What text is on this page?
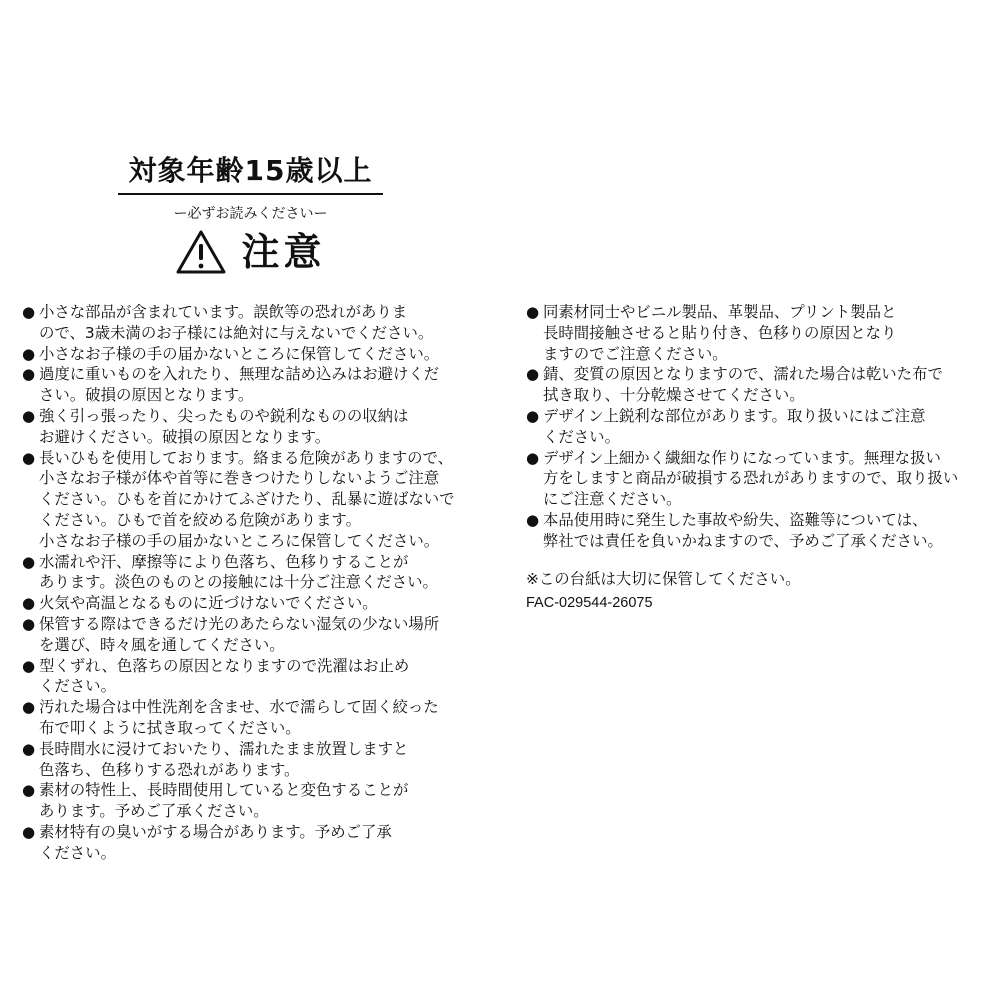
対象年齢15歳以上
ー必ずお読みくださいー
注意
● 小さな部品が含まれています。誤飲等の恐れがありま
ので、3歳未満のお子様には絶対に与えないでください。
● 小さなお子様の手の届かないところに保管してください。
● 過度に重いものを入れたり、無理な詰め込みはお避けくだ
さい。破損の原因となります。
● 強く引っ張ったり、尖ったものや鋭利なものの収納は
お避けください。破損の原因となります。
● 長いひもを使用しております。絡まる危険がありますので、
小さなお子様が体や首等に巻きつけたりしないようご注意
ください。ひもを首にかけてふざけたり、乱暴に遊ばないで
ください。ひもで首を絞める危険があります。
小さなお子様の手の届かないところに保管してください。
● 水濡れや汗、摩擦等により色落ち、色移りすることが
あります。淡色のものとの接触には十分ご注意ください。
● 火気や高温となるものに近づけないでください。
● 保管する際はできるだけ光のあたらない湿気の少ない場所
を選び、時々風を通してください。
● 型くずれ、色落ちの原因となりますので洗濯はお止め
ください。
● 汚れた場合は中性洗剤を含ませ、水で濡らして固く絞った
布で叩くように拭き取ってください。
● 長時間水に浸けておいたり、濡れたまま放置しますと
色落ち、色移りする恐れがあります。
● 素材の特性上、長時間使用していると変色することが
あります。予めご了承ください。
● 素材特有の臭いがする場合があります。予めご了承
ください。
● 同素材同士やビニル製品、革製品、プリント製品と
長時間接触させると貼り付き、色移りの原因となり
ますのでご注意ください。
● 錆、変質の原因となりますので、濡れた場合は乾いた布で
拭き取り、十分乾燥させてください。
● デザイン上鋭利な部位があります。取り扱いにはご注意
ください。
● デザイン上細かく繊細な作りになっています。無理な扱い
方をしますと商品が破損する恐れがありますので、取り扱い
にご注意ください。
● 本品使用時に発生した事故や紛失、盗難等については、
弊社では責任を負いかねますので、予めご了承ください。
※この台紙は大切に保管してください。
FAC-029544-26075
